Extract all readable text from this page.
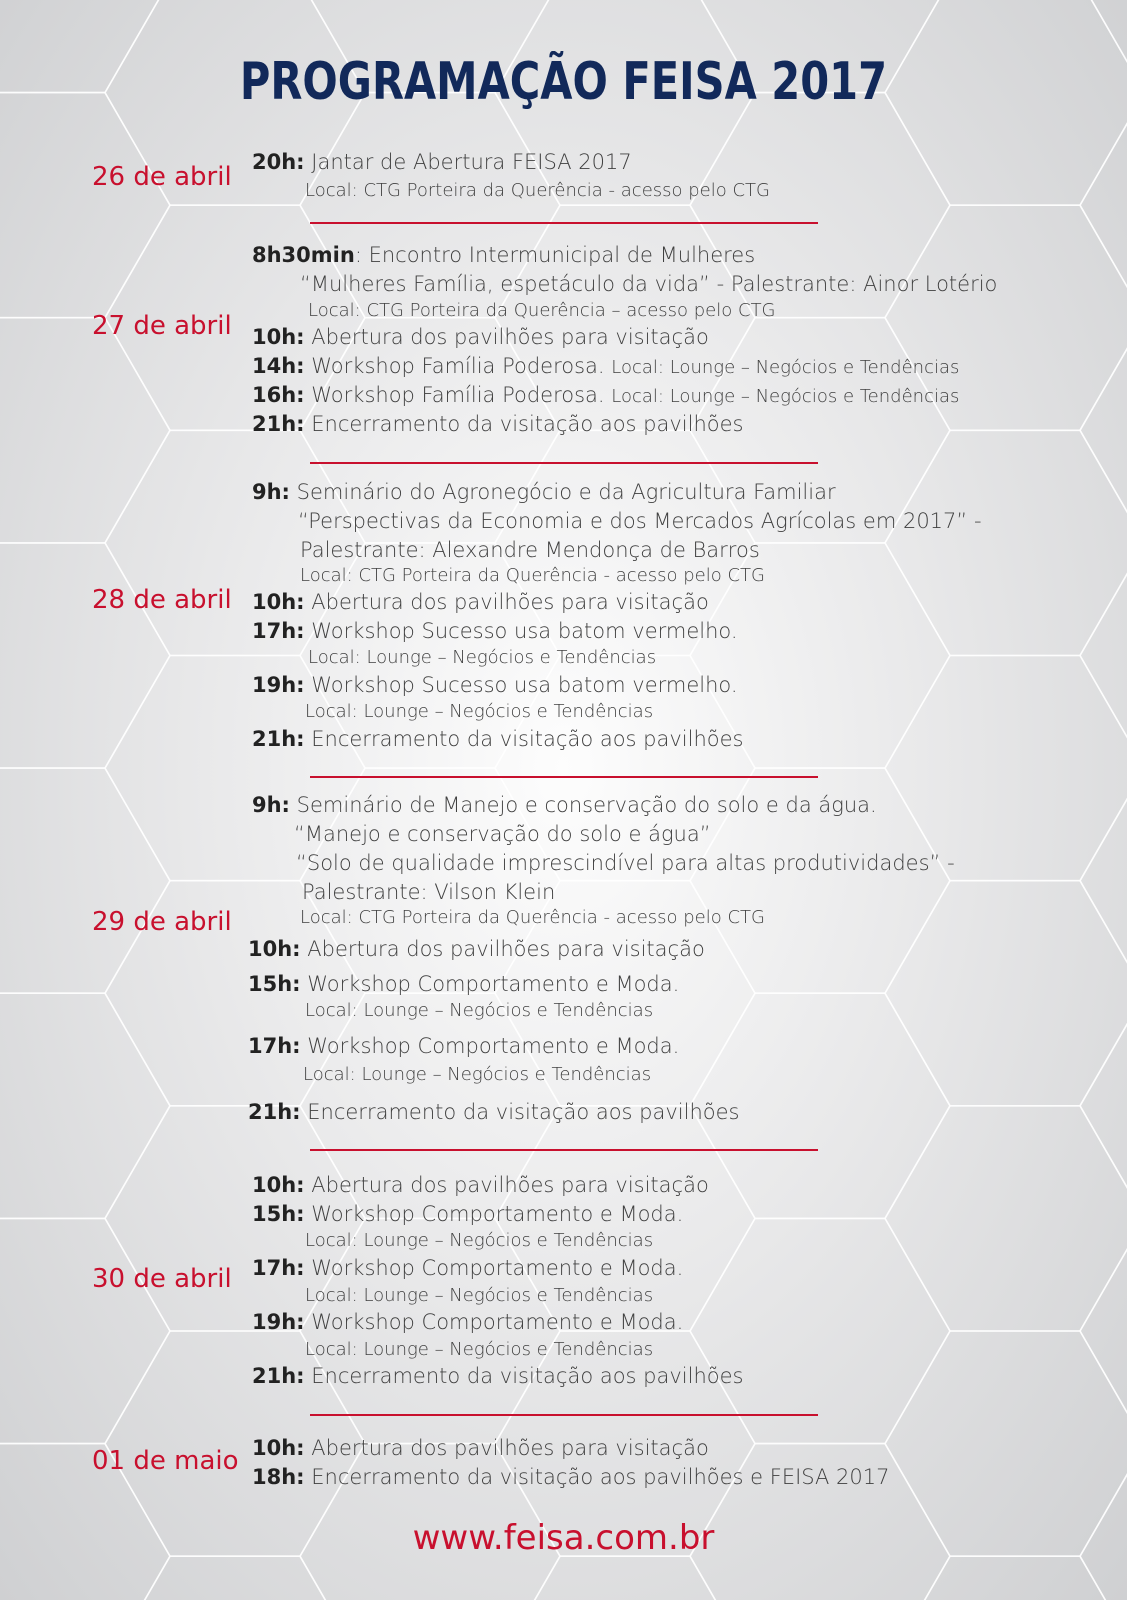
PROGRAMAÇÃO FEISA 2017
26 de abril
27 de abril
28 de abril
29 de abril
30 de abril
01 de maio
20h: Jantar de Abertura FEISA 2017
Local: CTG Porteira da Querência - acesso pelo CTG
8h30min: Encontro Intermunicipal de Mulheres
“Mulheres Família, espetáculo da vida” - Palestrante: Ainor Lotério
Local: CTG Porteira da Querência – acesso pelo CTG
10h: Abertura dos pavilhões para visitação
14h: Workshop Família Poderosa. Local: Lounge – Negócios e Tendências
16h: Workshop Família Poderosa. Local: Lounge – Negócios e Tendências
21h: Encerramento da visitação aos pavilhões
9h: Seminário do Agronegócio e da Agricultura Familiar
“Perspectivas da Economia e dos Mercados Agrícolas em 2017” -
Palestrante: Alexandre Mendonça de Barros
Local: CTG Porteira da Querência - acesso pelo CTG
10h: Abertura dos pavilhões para visitação
17h: Workshop Sucesso usa batom vermelho.
Local: Lounge – Negócios e Tendências
19h: Workshop Sucesso usa batom vermelho.
Local: Lounge – Negócios e Tendências
21h: Encerramento da visitação aos pavilhões
9h: Seminário de Manejo e conservação do solo e da água.
“Manejo e conservação do solo e água”
“Solo de qualidade imprescindível para altas produtividades” -
Palestrante: Vilson Klein
Local: CTG Porteira da Querência - acesso pelo CTG
10h: Abertura dos pavilhões para visitação
15h: Workshop Comportamento e Moda.
Local: Lounge – Negócios e Tendências
17h: Workshop Comportamento e Moda.
Local: Lounge – Negócios e Tendências
21h: Encerramento da visitação aos pavilhões
10h: Abertura dos pavilhões para visitação
15h: Workshop Comportamento e Moda.
Local: Lounge – Negócios e Tendências
17h: Workshop Comportamento e Moda.
Local: Lounge – Negócios e Tendências
19h: Workshop Comportamento e Moda.
Local: Lounge – Negócios e Tendências
21h: Encerramento da visitação aos pavilhões
10h: Abertura dos pavilhões para visitação
18h: Encerramento da visitação aos pavilhões e FEISA 2017
www.feisa.com.br
